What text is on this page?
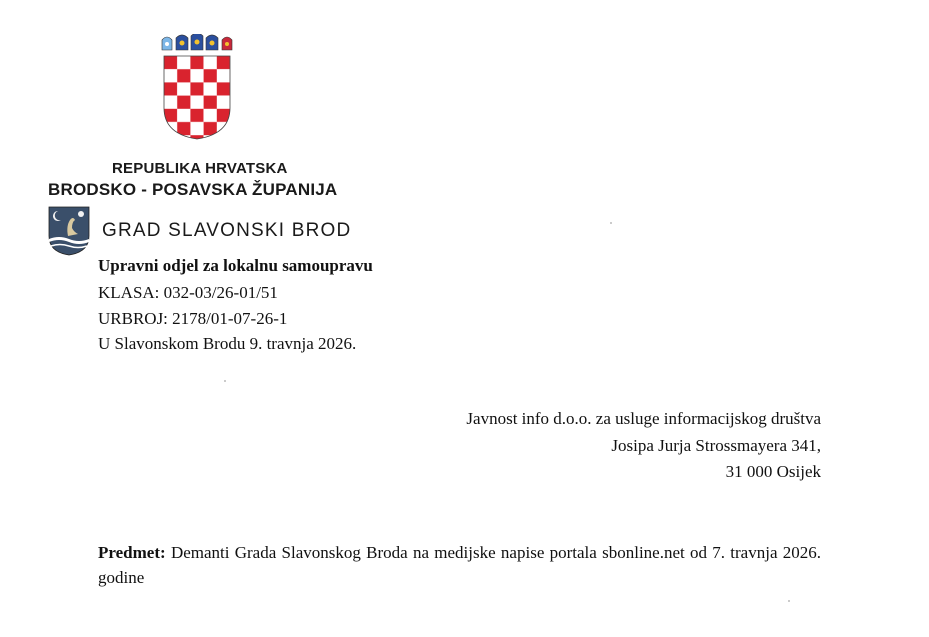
REPUBLIKA HRVATSKA
BRODSKO - POSAVSKA ŽUPANIJA
GRAD SLAVONSKI BROD
Upravni odjel za lokalnu samoupravu
KLASA: 032-03/26-01/51
URBROJ: 2178/01-07-26-1
U Slavonskom Brodu 9. travnja 2026.
Javnost info d.o.o. za usluge informacijskog društva
Josipa Jurja Strossmayera 341,
31 000 Osijek
Predmet: Demanti Grada Slavonskog Broda na medijske napise portala sbonline.net od 7. travnja 2026. godine
